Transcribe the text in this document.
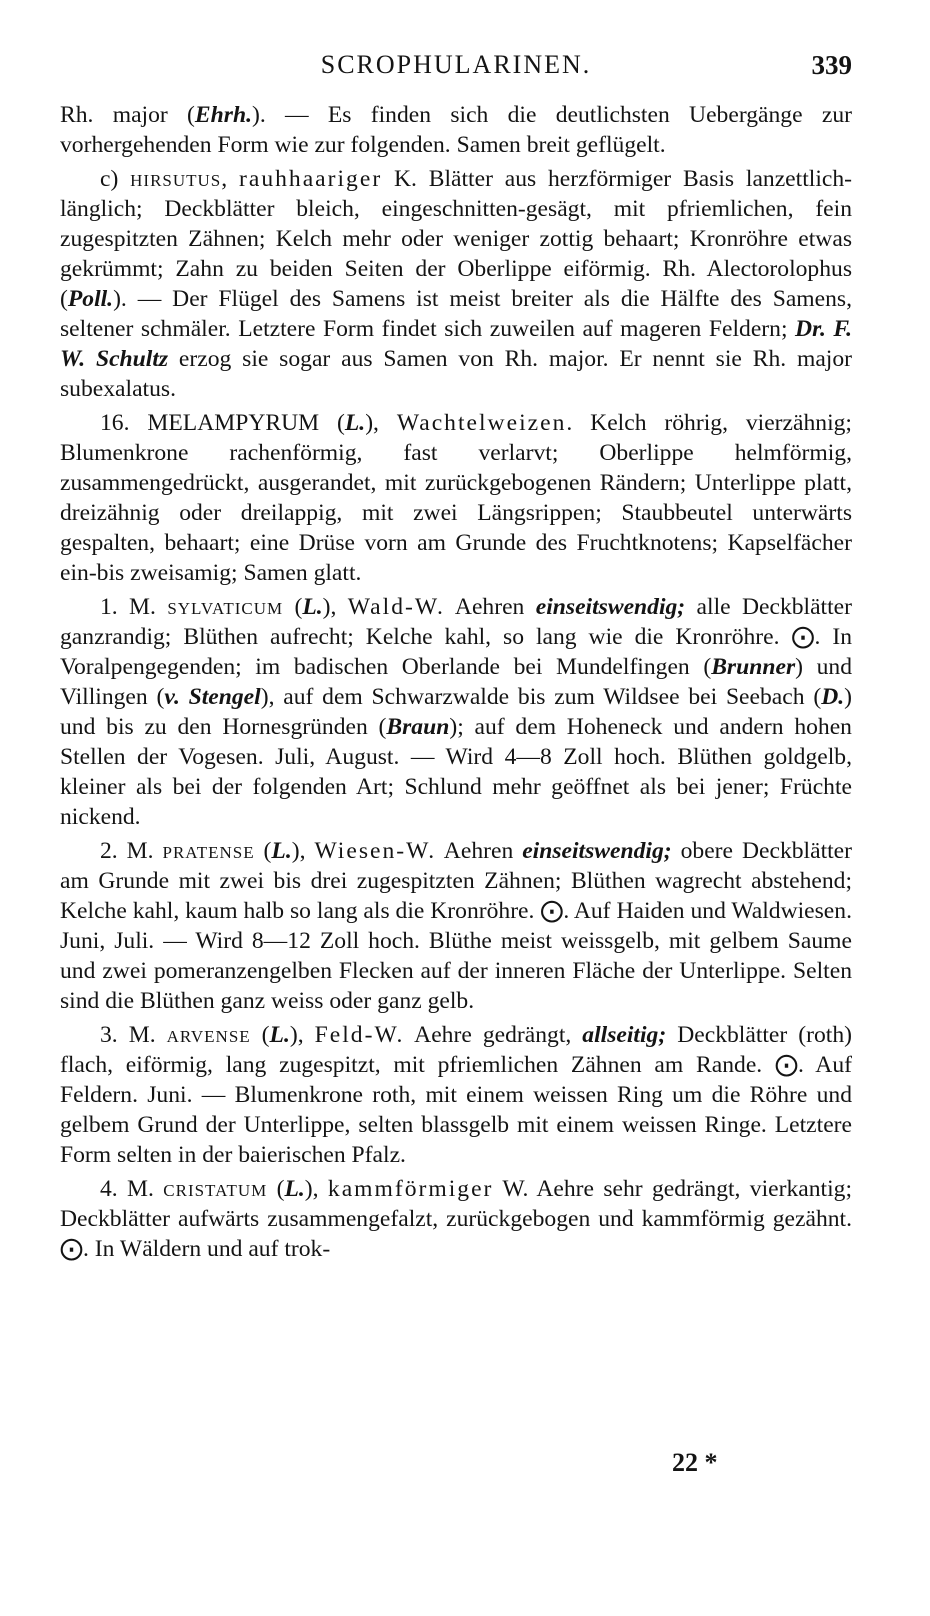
SCROPHULARINEN.	339

Rh. major (Ehrh.). — Es finden sich die deutlichsten Uebergänge zur vorhergehenden Form wie zur folgenden. Samen breit geflügelt.

c) hirsutus, rauhhaariger K. Blätter aus herzförmiger Basis lanzettlich-länglich; Deckblätter bleich, eingeschnitten-gesägt, mit pfriemlichen, fein zugespitzten Zähnen; Kelch mehr oder weniger zottig behaart; Kronröhre etwas gekrümmt; Zahn zu beiden Seiten der Oberlippe eiförmig. Rh. Alectorolophus (Poll.). — Der Flügel des Samens ist meist breiter als die Hälfte des Samens, seltener schmäler. Letztere Form findet sich zuweilen auf mageren Feldern; Dr. F. W. Schultz erzog sie sogar aus Samen von Rh. major. Er nennt sie Rh. major subexalatus.

16. MELAMPYRUM (L.), Wachtelweizen. Kelch röhrig, vierzähnig; Blumenkrone rachenförmig, fast verlarvt; Oberlippe helmförmig, zusammengedrückt, ausgerandet, mit zurückgebogenen Rändern; Unterlippe platt, dreizähnig oder dreilappig, mit zwei Längsrippen; Staubbeutel unterwärts gespalten, behaart; eine Drüse vorn am Grunde des Fruchtknotens; Kapselfächer ein-bis zweisamig; Samen glatt.

1. M. sylvaticum (L.), Wald-W. Aehren einseitswendig; alle Deckblätter ganzrandig; Blüthen aufrecht; Kelche kahl, so lang wie die Kronröhre. ⨀. In Voralpengegenden; im badischen Oberlande bei Mundelfingen (Brunner) und Villingen (v. Stengel), auf dem Schwarzwalde bis zum Wildsee bei Seebach (D.) und bis zu den Hornesgründen (Braun); auf dem Hoheneck und andern hohen Stellen der Vogesen. Juli, August. — Wird 4—8 Zoll hoch. Blüthen goldgelb, kleiner als bei der folgenden Art; Schlund mehr geöffnet als bei jener; Früchte nickend.

2. M. pratense (L.), Wiesen-W. Aehren einseitswendig; obere Deckblätter am Grunde mit zwei bis drei zugespitzten Zähnen; Blüthen wagrecht abstehend; Kelche kahl, kaum halb so lang als die Kronröhre. ⨀. Auf Haiden und Waldwiesen. Juni, Juli. — Wird 8—12 Zoll hoch. Blüthe meist weissgelb, mit gelbem Saume und zwei pomeranzengelben Flecken auf der inneren Fläche der Unterlippe. Selten sind die Blüthen ganz weiss oder ganz gelb.

3. M. arvense (L.), Feld-W. Aehre gedrängt, allseitig; Deckblätter (roth) flach, eiförmig, lang zugespitzt, mit pfriemlichen Zähnen am Rande. ⨀. Auf Feldern. Juni. — Blumenkrone roth, mit einem weissen Ring um die Röhre und gelbem Grund der Unterlippe, selten blassgelb mit einem weissen Ringe. Letztere Form selten in der baierischen Pfalz.

4. M. cristatum (L.), kammförmiger W. Aehre sehr gedrängt, vierkantig; Deckblätter aufwärts zusammengefalzt, zurückgebogen und kammförmig gezähnt. ⨀. In Wäldern und auf trok-

22 *
